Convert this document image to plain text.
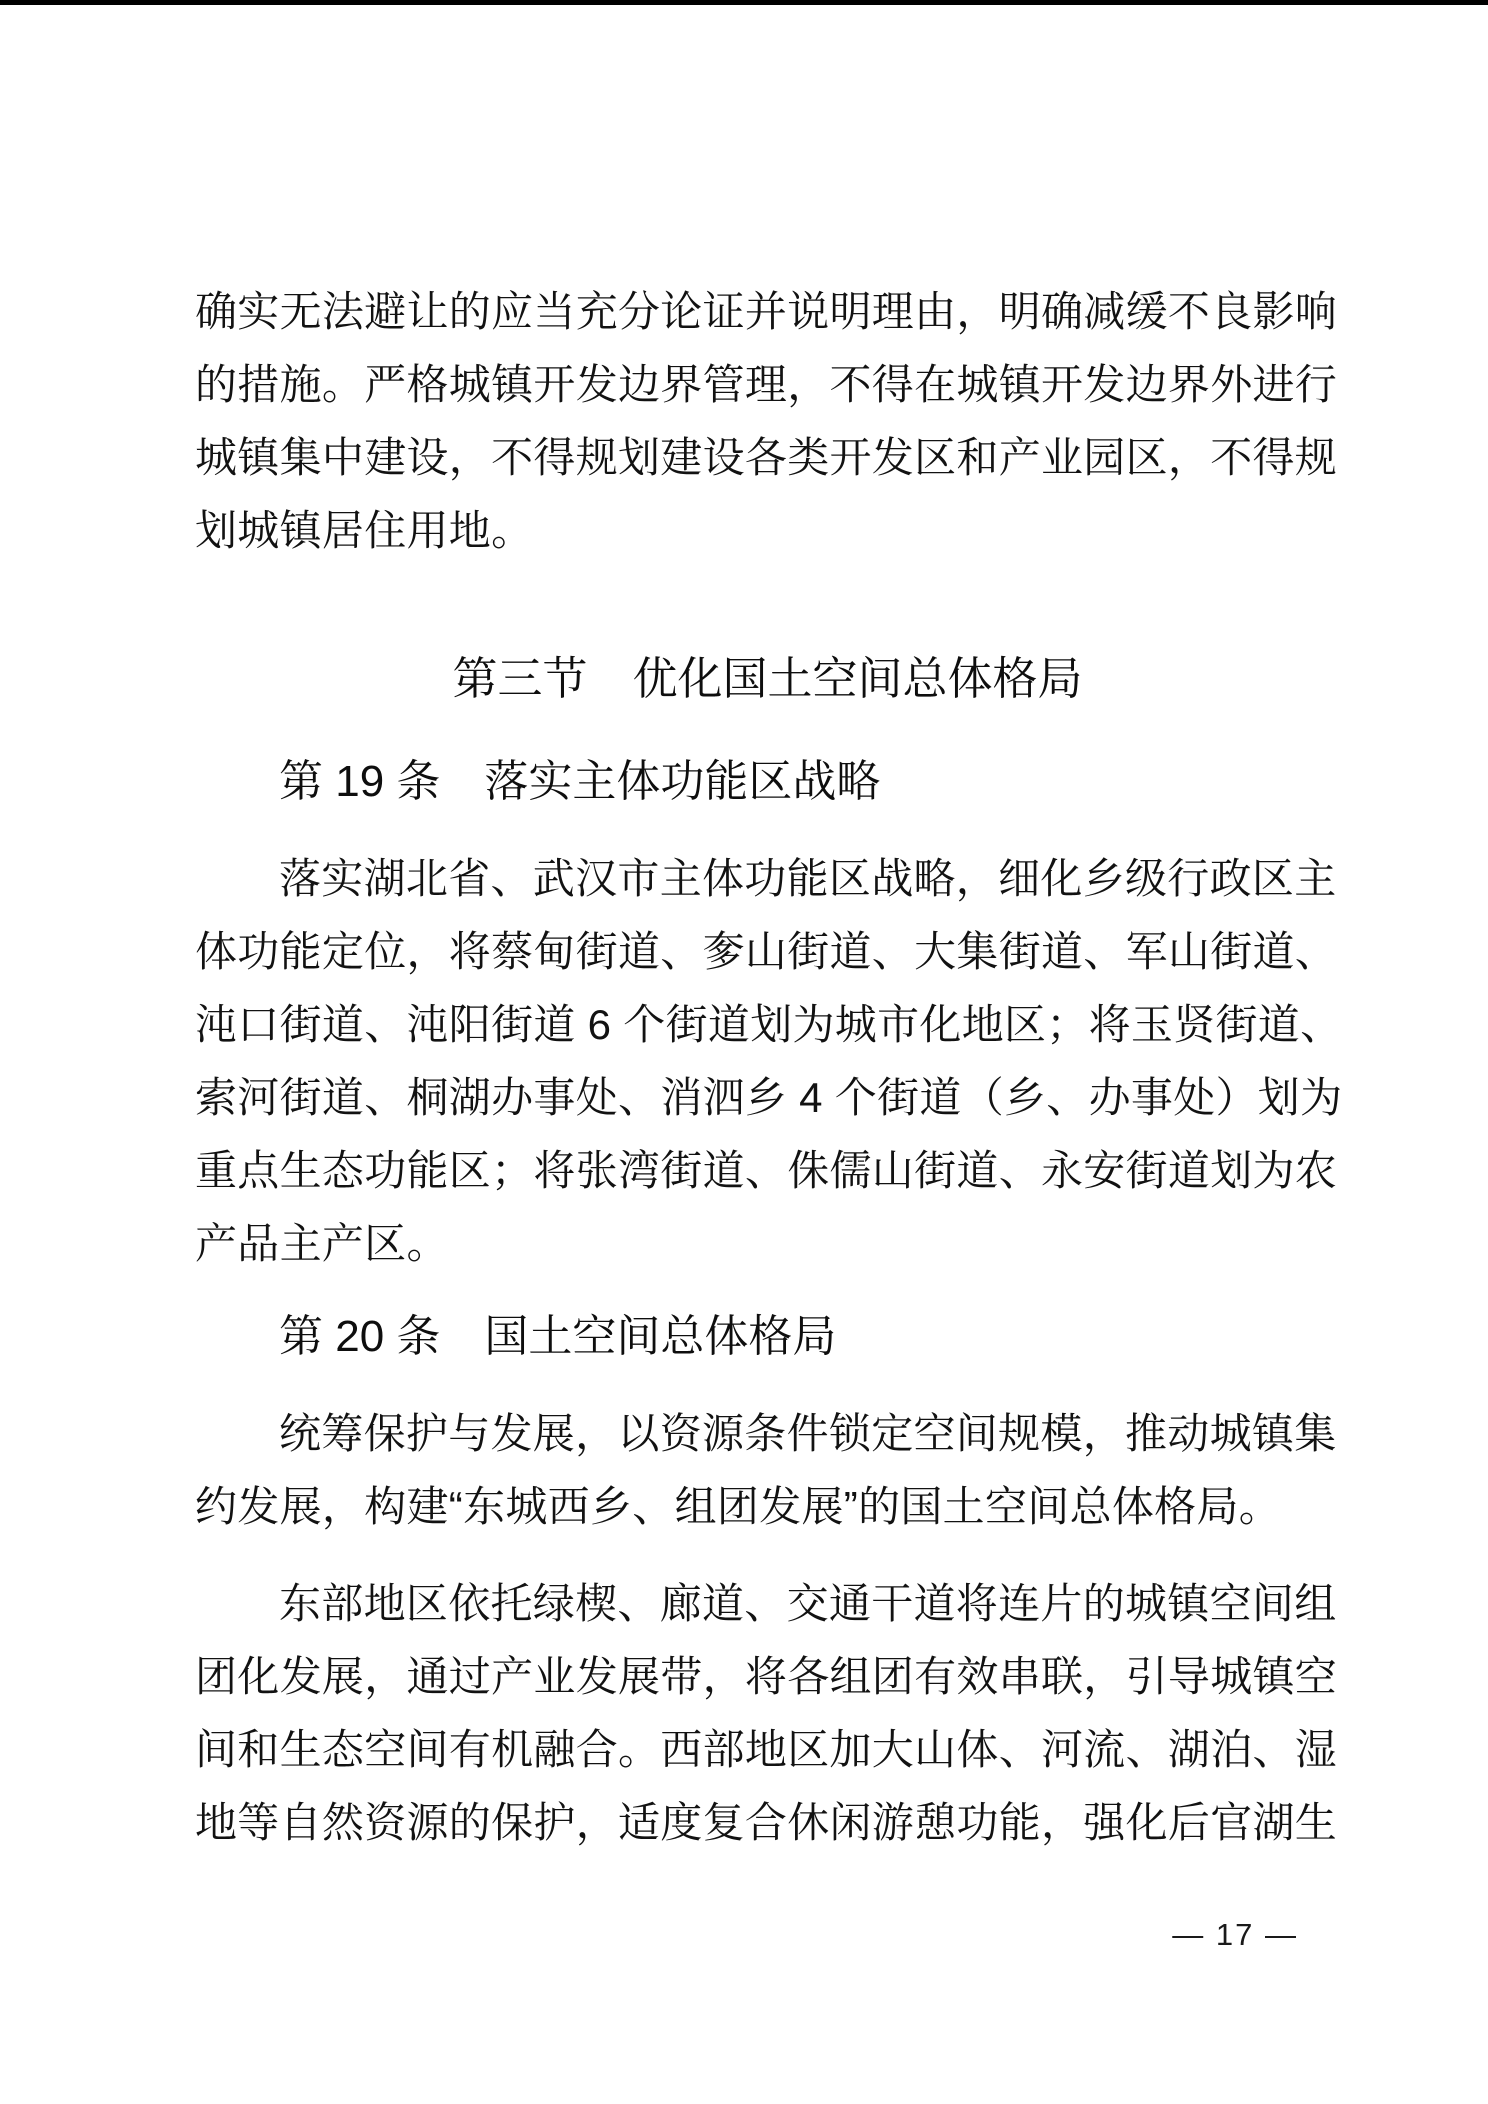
确实无法避让的应当充分论证并说明理由，明确减缓不良影响
的措施。严格城镇开发边界管理，不得在城镇开发边界外进行
城镇集中建设，不得规划建设各类开发区和产业园区，不得规
划城镇居住用地。
第三节　优化国土空间总体格局
第 19 条　落实主体功能区战略
落实湖北省、武汉市主体功能区战略，细化乡级行政区主
体功能定位，将蔡甸街道、奓山街道、大集街道、军山街道、
沌口街道、沌阳街道 6 个街道划为城市化地区；将玉贤街道、
索河街道、桐湖办事处、消泗乡 4 个街道（乡、办事处）划为
重点生态功能区；将张湾街道、侏儒山街道、永安街道划为农
产品主产区。
第 20 条　国土空间总体格局
统筹保护与发展，以资源条件锁定空间规模，推动城镇集
约发展，构建“东城西乡、组团发展”的国土空间总体格局。
东部地区依托绿楔、廊道、交通干道将连片的城镇空间组
团化发展，通过产业发展带，将各组团有效串联，引导城镇空
间和生态空间有机融合。西部地区加大山体、河流、湖泊、湿
地等自然资源的保护，适度复合休闲游憩功能，强化后官湖生
— 17 —
